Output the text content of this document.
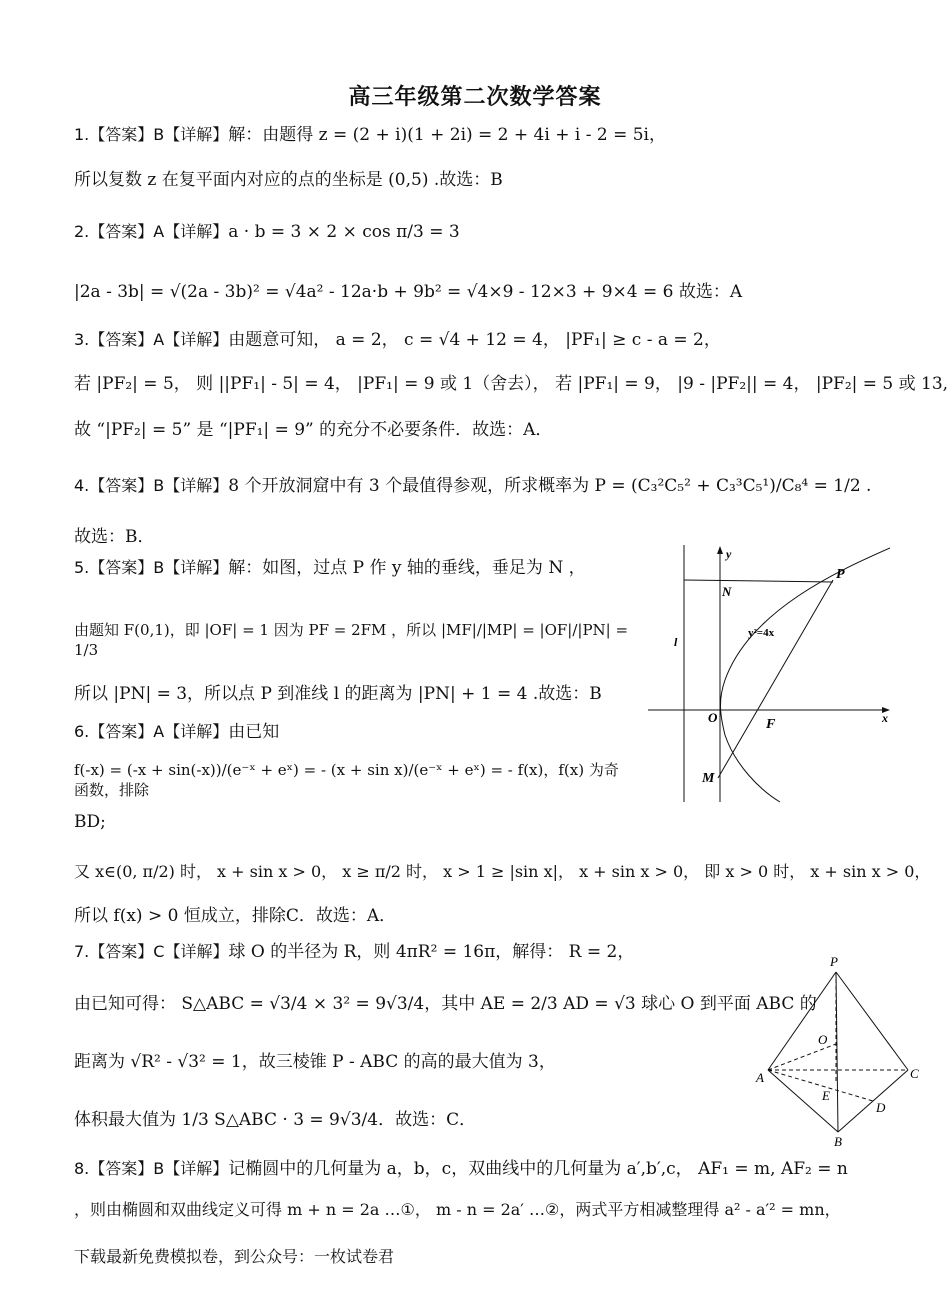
高三年级第二次数学答案
1.【答案】B【详解】解：由题得 z = (2 + i)(1 + 2i) = 2 + 4i + i - 2 = 5i，
所以复数 z 在复平面内对应的点的坐标是 (0,5) .故选：B
2.【答案】A【详解】a · b = 3 × 2 × cos π/3 = 3
|2a - 3b| = √(2a - 3b)² = √4a² - 12a·b + 9b² = √4×9 - 12×3 + 9×4 = 6 故选：A
3.【答案】A【详解】由题意可知， a = 2， c = √4 + 12 = 4， |PF₁| ≥ c - a = 2，
若 |PF₂| = 5， 则 ||PF₁| - 5| = 4， |PF₁| = 9 或 1（舍去）， 若 |PF₁| = 9， |9 - |PF₂|| = 4， |PF₂| = 5 或 13,
故 “|PF₂| = 5” 是 “|PF₁| = 9” 的充分不必要条件．故选：A．
4.【答案】B【详解】8 个开放洞窟中有 3 个最值得参观，所求概率为 P = (C₃²C₅² + C₃³C₅¹)/C₈⁴ = 1/2 .
故选：B．
5.【答案】B【详解】解：如图，过点 P 作 y 轴的垂线，垂足为 N ，
由题知 F(0,1)，即 |OF| = 1 因为 PF = 2FM ，所以 |MF|/|MP| = |OF|/|PN| = 1/3
所以 |PN| = 3，所以点 P 到准线 l 的距离为 |PN| + 1 = 4 .故选：B
6.【答案】A【详解】由已知
f(-x) = (-x + sin(-x))/(e⁻ˣ + eˣ) = - (x + sin x)/(e⁻ˣ + eˣ) = - f(x)，f(x) 为奇函数，排除
BD;
又 x∈(0, π/2) 时， x + sin x > 0， x ≥ π/2 时， x > 1 ≥ |sin x|， x + sin x > 0， 即 x > 0 时， x + sin x > 0，
所以 f(x) > 0 恒成立，排除C．故选：A．
7.【答案】C【详解】球 O 的半径为 R，则 4πR² = 16π，解得： R = 2，
由已知可得： S△ABC = √3/4 × 3² = 9√3/4，其中 AE = 2/3 AD = √3 球心 O 到平面 ABC 的
距离为 √R² - √3² = 1，故三棱锥 P - ABC 的高的最大值为 3，
体积最大值为 1/3 S△ABC · 3 = 9√3/4．故选：C．
8.【答案】B【详解】记椭圆中的几何量为 a，b，c，双曲线中的几何量为 a′,b′,c， AF₁ = m, AF₂ = n
，则由椭圆和双曲线定义可得 m + n = 2a …①， m - n = 2a′ …②，两式平方相减整理得 a² - a′² = mn，
y
P
N
y²=4x
l
O	F	x
M
P
O
A	C
E
D
B
下载最新免费模拟卷，到公众号：一枚试卷君
